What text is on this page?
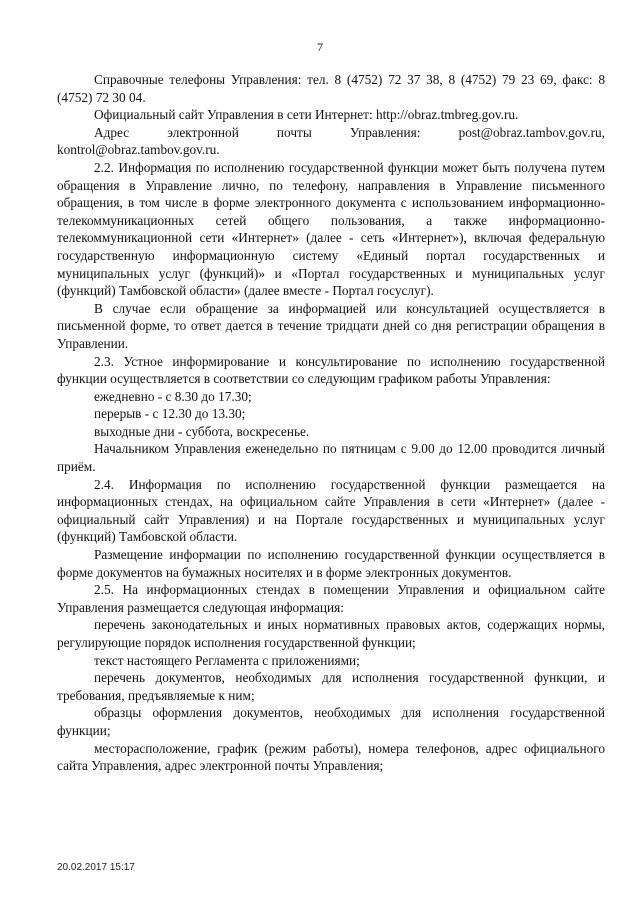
7

Справочные телефоны Управления: тел. 8 (4752) 72 37 38, 8 (4752) 79 23 69, факс: 8 (4752) 72 30 04.

Официальный сайт Управления в сети Интернет: http://obraz.tmbreg.gov.ru.

Адрес электронной почты Управления: post@obraz.tambov.gov.ru, kontrol@obraz.tambov.gov.ru.

2.2. Информация по исполнению государственной функции может быть получена путем обращения в Управление лично, по телефону, направления в Управление письменного обращения, в том числе в форме электронного документа с использованием информационно-телекоммуникационных сетей общего пользования, а также информационно-телекоммуникационной сети «Интернет» (далее - сеть «Интернет»), включая федеральную государственную информационную систему «Единый портал государственных и муниципальных услуг (функций)» и «Портал государственных и муниципальных услуг (функций) Тамбовской области» (далее вместе - Портал госуслуг).

В случае если обращение за информацией или консультацией осуществляется в письменной форме, то ответ дается в течение тридцати дней со дня регистрации обращения в Управлении.

2.3. Устное информирование и консультирование по исполнению государственной функции осуществляется в соответствии со следующим графиком работы Управления:

ежедневно - с 8.30 до 17.30;

перерыв - с 12.30 до 13.30;

выходные дни - суббота, воскресенье.

Начальником Управления еженедельно по пятницам с 9.00 до 12.00 проводится личный приём.

2.4. Информация по исполнению государственной функции размещается на информационных стендах, на официальном сайте Управления в сети «Интернет» (далее - официальный сайт Управления) и на Портале государственных и муниципальных услуг (функций) Тамбовской области.

Размещение информации по исполнению государственной функции осуществляется в форме документов на бумажных носителях и в форме электронных документов.

2.5. На информационных стендах в помещении Управления и официальном сайте Управления размещается следующая информация:

перечень законодательных и иных нормативных правовых актов, содержащих нормы, регулирующие порядок исполнения государственной функции;

текст настоящего Регламента с приложениями;

перечень документов, необходимых для исполнения государственной функции, и требования, предъявляемые к ним;

образцы оформления документов, необходимых для исполнения государственной функции;

месторасположение, график (режим работы), номера телефонов, адрес официального сайта Управления, адрес электронной почты Управления;

20.02.2017 15:17
